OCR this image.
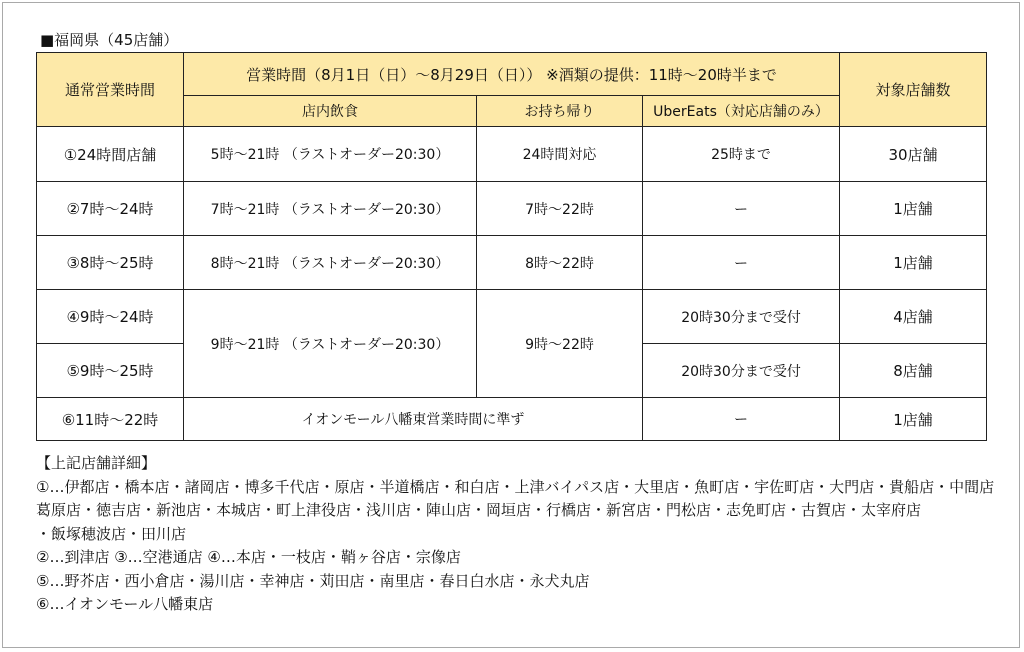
■福岡県（45店舗）
通常営業時間	営業時間（8月1日（日）～8月29日（日）） ※酒類の提供：11時～20時半まで			対象店舗数
	店内飲食	お持ち帰り	UberEats（対応店舗のみ）	
①24時間店舗	5時～21時 （ラストオーダー20:30）	24時間対応	25時まで	30店舗
②7時～24時	7時～21時 （ラストオーダー20:30）	7時～22時	ー	1店舗
③8時～25時	8時～21時 （ラストオーダー20:30）	8時～22時	ー	1店舗
④9時～24時	9時～21時 （ラストオーダー20:30）	9時～22時	20時30分まで受付	4店舗
⑤9時～25時			20時30分まで受付	8店舗
⑥11時～22時	イオンモール八幡東営業時間に準ず		ー	1店舗
【上記店舗詳細】
①…伊都店・橋本店・諸岡店・博多千代店・原店・半道橋店・和白店・上津バイパス店・大里店・魚町店・宇佐町店・大門店・貴船店・中間店
葛原店・徳吉店・新池店・本城店・町上津役店・浅川店・陣山店・岡垣店・行橋店・新宮店・門松店・志免町店・古賀店・太宰府店
・飯塚穂波店・田川店
②…到津店 ③…空港通店 ④…本店・一枝店・鞘ヶ谷店・宗像店
⑤…野芥店・西小倉店・湯川店・幸神店・苅田店・南里店・春日白水店・永犬丸店
⑥…イオンモール八幡東店
